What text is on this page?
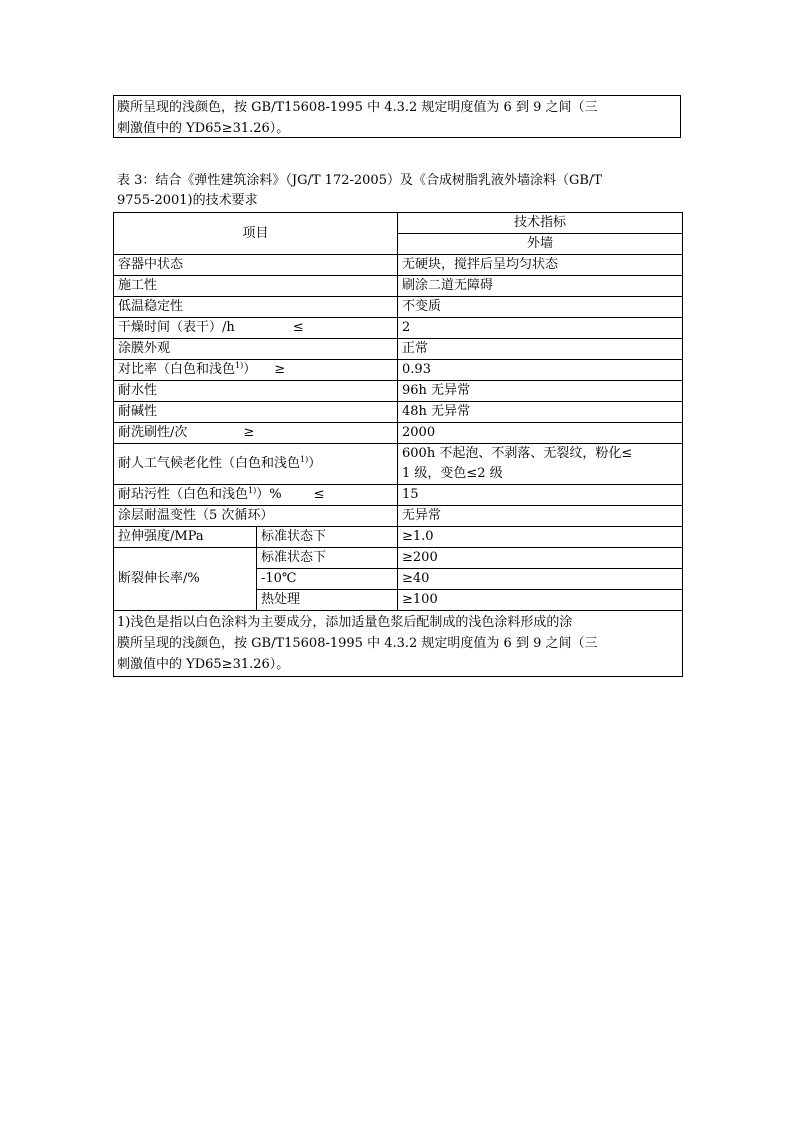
膜所呈现的浅颜色，按 GB/T15608-1995 中 4.3.2 规定明度值为 6 到 9 之间（三
刺激值中的 YD65≥31.26）。
表 3：结合《弹性建筑涂料》（JG/T 172-2005）及《合成树脂乳液外墙涂料（GB/T
9755-2001)的技术要求
项目		技术指标
		外墙
容器中状态		无硬块，搅拌后呈均匀状态
施工性		刷涂二道无障碍
低温稳定性		不变质
干燥时间（表干）/h ≤		2
涂膜外观		正常
对比率（白色和浅色$^{1)}$） ≥		0.93
耐水性		96h 无异常
耐碱性		48h 无异常
耐洗刷性/次 ≥		2000
耐人工气候老化性（白色和浅色$^{1)}$）		600h 不起泡、不剥落、无裂纹，粉化≤
1 级，变色≤2 级

耐玷污性（白色和浅色$^{1)}$）% ≤		15
涂层耐温变性（5 次循环）		无异常
拉伸强度/MPa	标准状态下	≥1.0
断裂伸长率/%	标准状态下	≥200
	-10℃	≥40
	热处理	≥100

1)浅色是指以白色涂料为主要成分，添加适量色浆后配制成的浅色涂料形成的涂
膜所呈现的浅颜色，按 GB/T15608-1995 中 4.3.2 规定明度值为 6 到 9 之间（三
刺激值中的 YD65≥31.26）。		
